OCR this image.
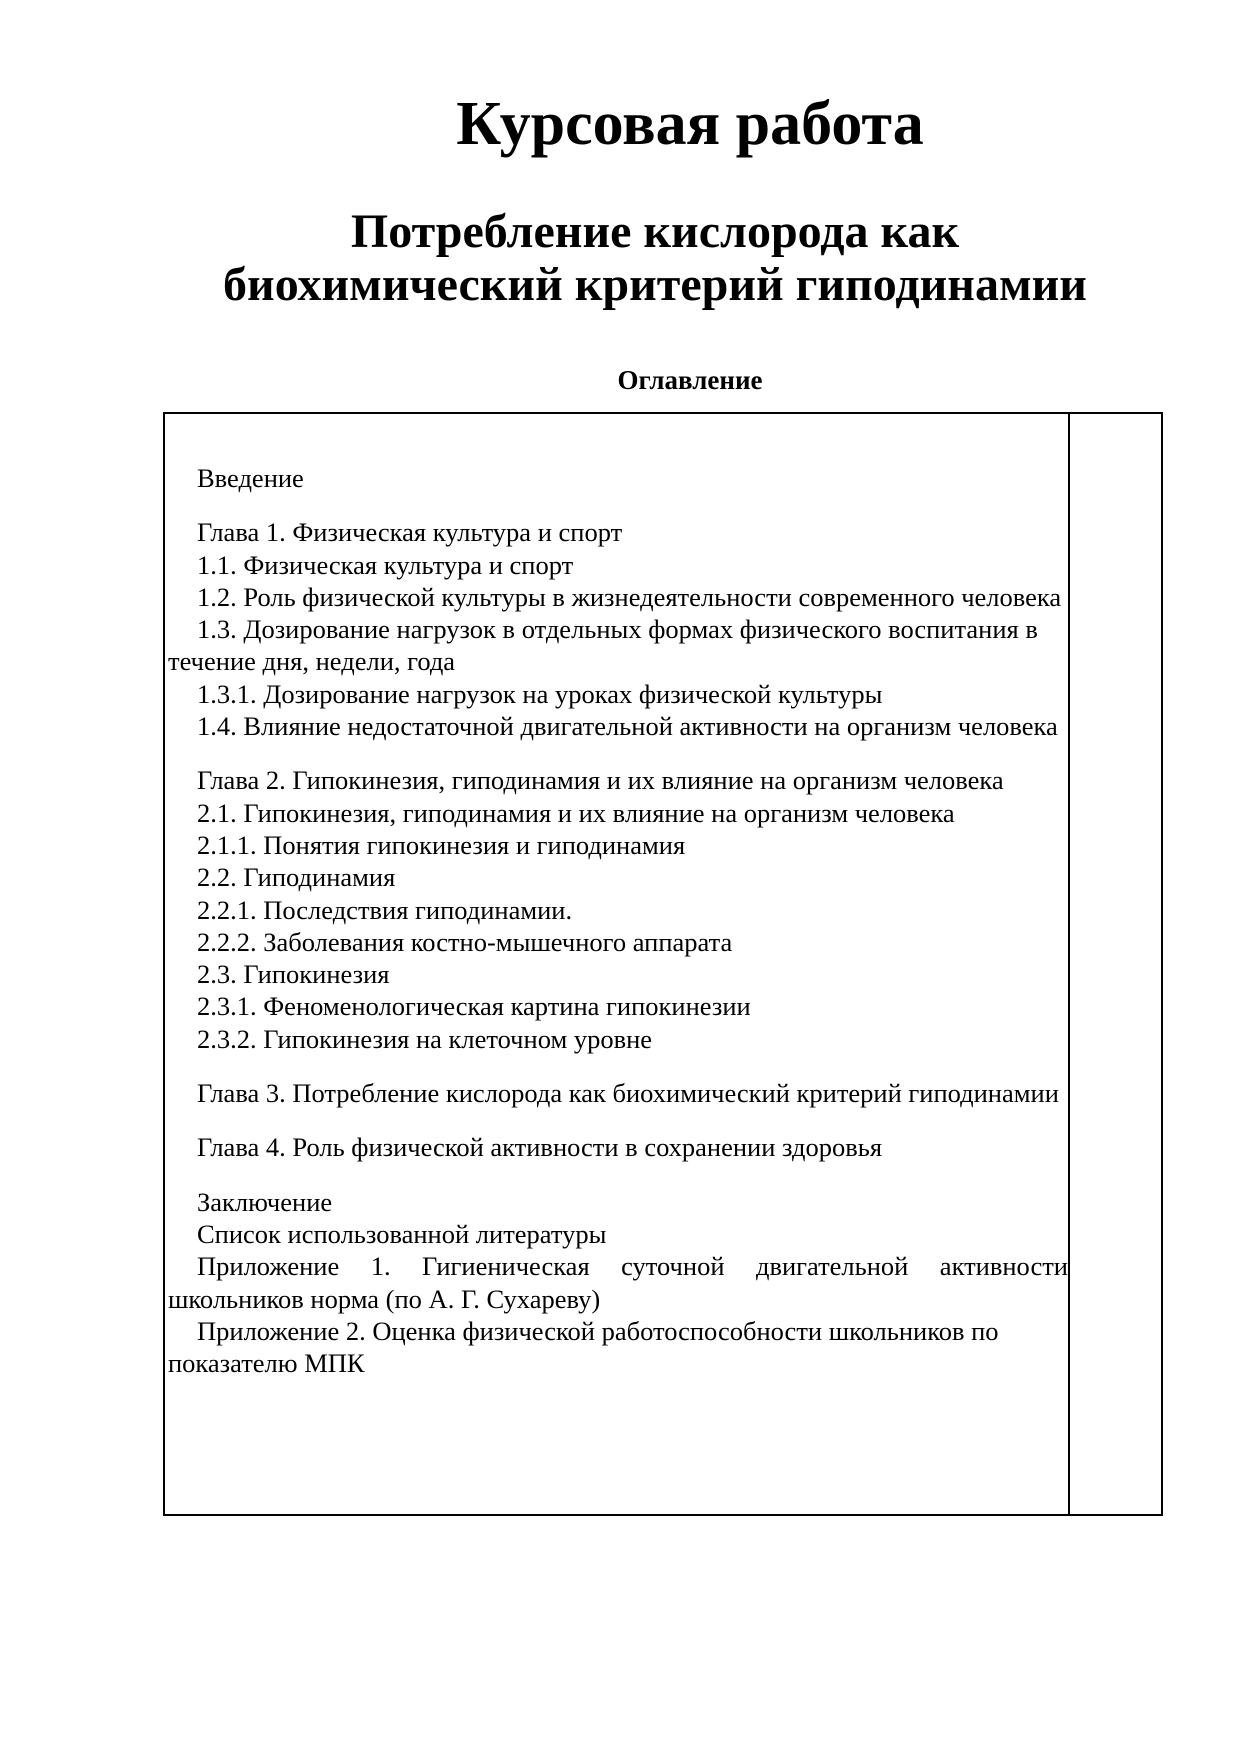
Курсовая работа
Потребление кислорода как
биохимический критерий гиподинамии
Оглавление

Введение

Глава 1. Физическая культура и спорт

1.1. Физическая культура и спорт

1.2. Роль физической культуры в жизнедеятельности современного человека

1.3. Дозирование нагрузок в отдельных формах физического воспитания в течение дня, недели, года

1.3.1. Дозирование нагрузок на уроках физической культуры

1.4. Влияние недостаточной двигательной активности на организм человека

Глава 2. Гипокинезия, гиподинамия и их влияние на организм человека

2.1. Гипокинезия, гиподинамия и их влияние на организм человека

2.1.1. Понятия гипокинезия и гиподинамия

2.2. Гиподинамия

2.2.1. Последствия гиподинамии.

2.2.2. Заболевания костно-мышечного аппарата

2.3. Гипокинезия

2.3.1. Феноменологическая картина гипокинезии

2.3.2. Гипокинезия на клеточном уровне

Глава 3. Потребление кислорода как биохимический критерий гиподинамии

Глава 4. Роль физической активности в сохранении здоровья

Заключение

Список использованной литературы

Приложение 1. Гигиеническая суточной двигательной активности школьников норма (по А. Г. Сухареву)

Приложение 2. Оценка физической работоспособности школьников по показателю МПК
